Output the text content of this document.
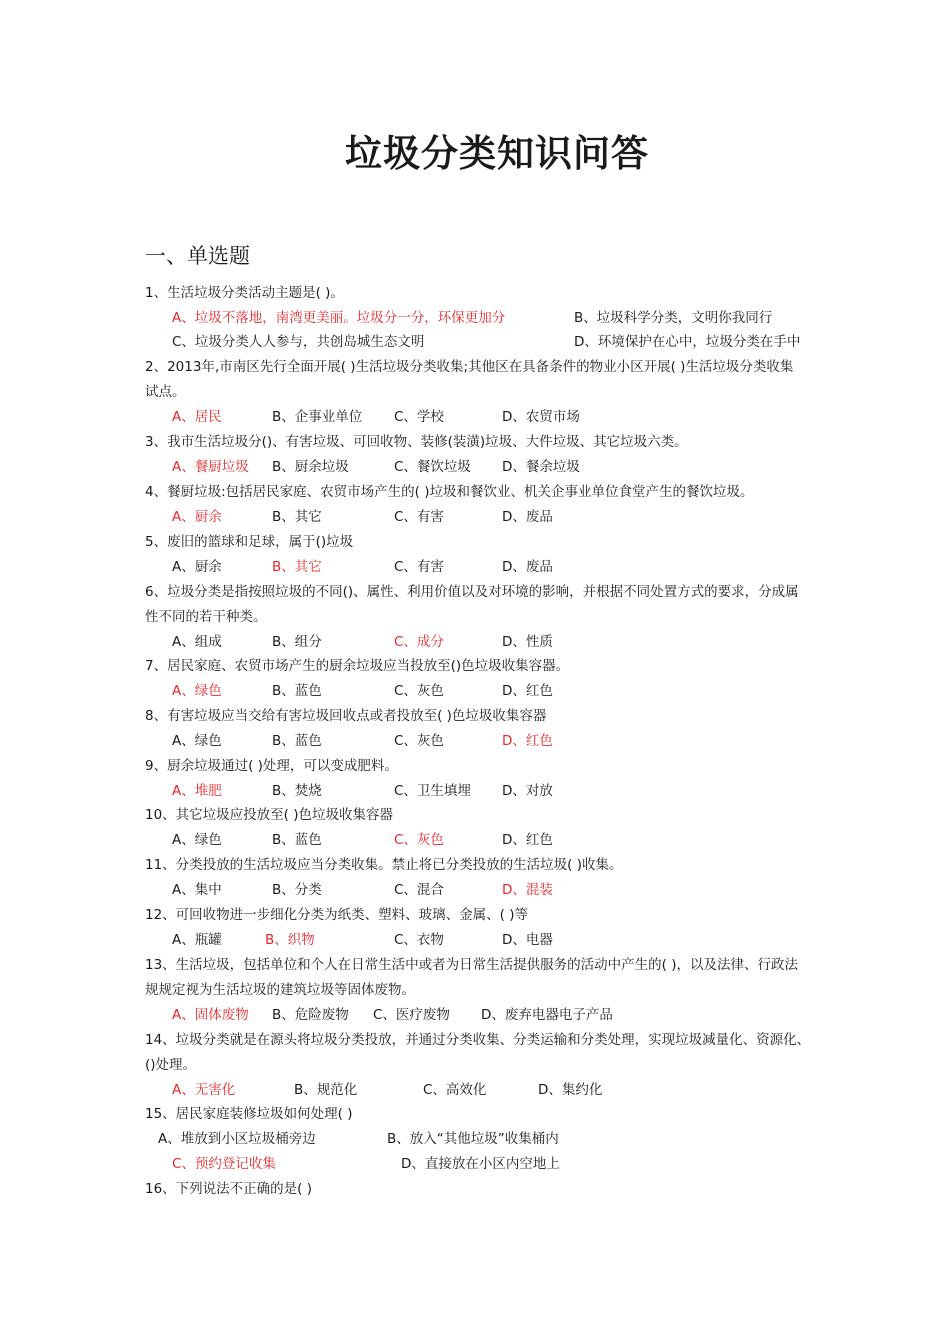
垃圾分类知识问答
一、单选题
1、生活垃圾分类活动主题是( )。
A、垃圾不落地，南湾更美丽。垃圾分一分，环保更加分	B、垃圾科学分类，文明你我同行
C、垃圾分类人人参与，共创岛城生态文明	D、环境保护在心中，垃圾分类在手中
2、2013年,市南区先行全面开展( )生活垃圾分类收集;其他区在具备条件的物业小区开展( )生活垃圾分类收集
试点。
A、居民	B、企事业单位 C、学校	D、农贸市场
3、我市生活垃圾分()、有害垃圾、可回收物、装修(装潢)垃圾、大件垃圾、其它垃圾六类。
A、餐厨垃圾 B、厨余垃圾	C、餐饮垃圾 D、餐余垃圾
4、餐厨垃圾:包括居民家庭、农贸市场产生的( )垃圾和餐饮业、机关企事业单位食堂产生的餐饮垃圾。
A、厨余	B、其它	C、有害	D、废品
5、废旧的篮球和足球，属于()垃圾
A、厨余	B、其它	C、有害	D、废品
6、垃圾分类是指按照垃圾的不同()、属性、利用价值以及对环境的影响，并根据不同处置方式的要求，分成属
性不同的若干种类。
A、组成	B、组分	C、成分	D、性质
7、居民家庭、农贸市场产生的厨余垃圾应当投放至()色垃圾收集容器。
A、绿色	B、蓝色	C、灰色	D、红色
8、有害垃圾应当交给有害垃圾回收点或者投放至( )色垃圾收集容器
A、绿色	B、蓝色	C、灰色	D、红色
9、厨余垃圾通过( )处理，可以变成肥料。
A、堆肥	B、焚烧	C、卫生填埋 D、对放
10、其它垃圾应投放至( )色垃圾收集容器
A、绿色	B、蓝色	C、灰色	D、红色
11、分类投放的生活垃圾应当分类收集。禁止将已分类投放的生活垃圾( )收集。
A、集中	B、分类	C、混合	D、混装
12、可回收物进一步细化分类为纸类、塑料、玻璃、金属、( )等
A、瓶罐	B、织物	C、衣物	D、电器
13、生活垃圾，包括单位和个人在日常生活中或者为日常生活提供服务的活动中产生的( )，以及法律、行政法
规规定视为生活垃圾的建筑垃圾等固体废物。
A、固体废物 B、危险废物 C、医疗废物 D、废弃电器电子产品
14、垃圾分类就是在源头将垃圾分类投放，并通过分类收集、分类运输和分类处理，实现垃圾减量化、资源化、
()处理。
A、无害化	B、规范化	C、高效化	D、集约化
15、居民家庭装修垃圾如何处理( )
A、堆放到小区垃圾桶旁边	B、放入“其他垃圾”收集桶内
C、预约登记收集	D、直接放在小区内空地上
16、下列说法不正确的是( )
